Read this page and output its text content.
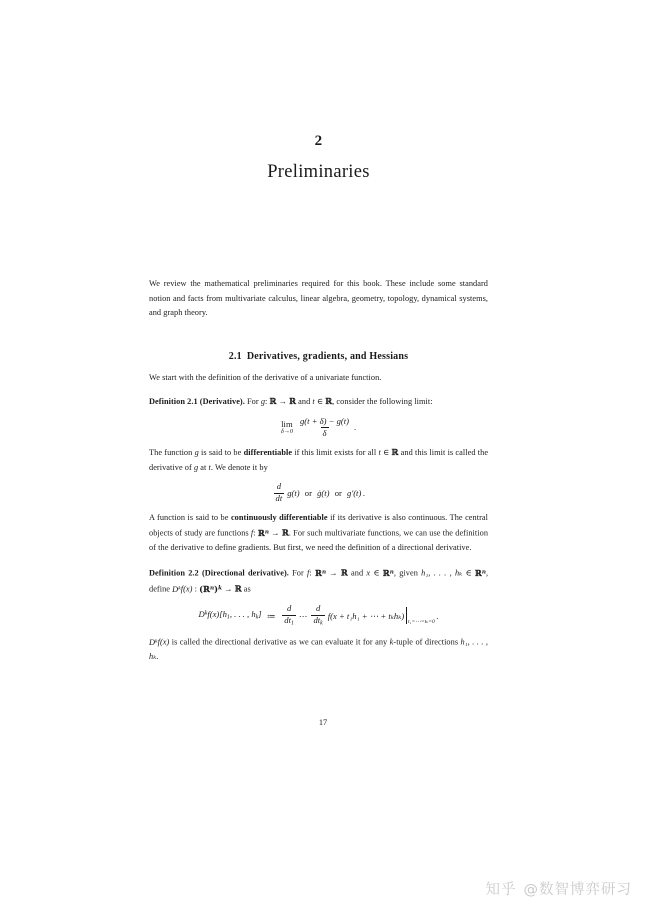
2
Preliminaries

We review the mathematical preliminaries required for this book. These include some standard notion and facts from multivariate calculus, linear algebra, geometry, topology, dynamical systems, and graph theory.

2.1 Derivatives, gradients, and Hessians

We start with the definition of the derivative of a univariate function.

Definition 2.1 (Derivative). For g: ℝ → ℝ and t ∈ ℝ, consider the following limit:

lim
$\delta\to 0 \frac{g(t + \delta) - g(t)}{\delta}$ .

The function g is said to be differentiable if this limit exists for all t ∈ ℝ and this limit is called the derivative of g at t. We denote it by

$\frac{d}{dt} g(t)$
or
ġ(t)
or
g′(t) .

A function is said to be continuously differentiable if its derivative is also continuous. The central objects of study are functions f: ℝ$^n$ → ℝ. For such multivariate functions, we can use the definition of the derivative to define gradients. But first, we need the definition of a directional derivative.

Definition 2.2 (Directional derivative). For f: ℝ$^n$ → ℝ and x ∈ ℝ$^n$, given h₁, . . . , hₖ ∈ ℝ$^n$, define $D^kf(x)$ : (ℝ$^n$)$^k$ → ℝ as

$D^kf(x)[h_1$, . . . , $h_k$]
≔
$\frac{d}{dt_1}$ ⋯ $\frac{d}{dt_k} f(x + t_1h_1$ + ⋯ + tₖhₖ)
t₁=⋯=tₖ=0
.

$D^kf(x)$ is called the directional derivative as we can evaluate it for any k-tuple of directions h₁, . . . , hₖ.

17
知乎 @数智博弈研习
